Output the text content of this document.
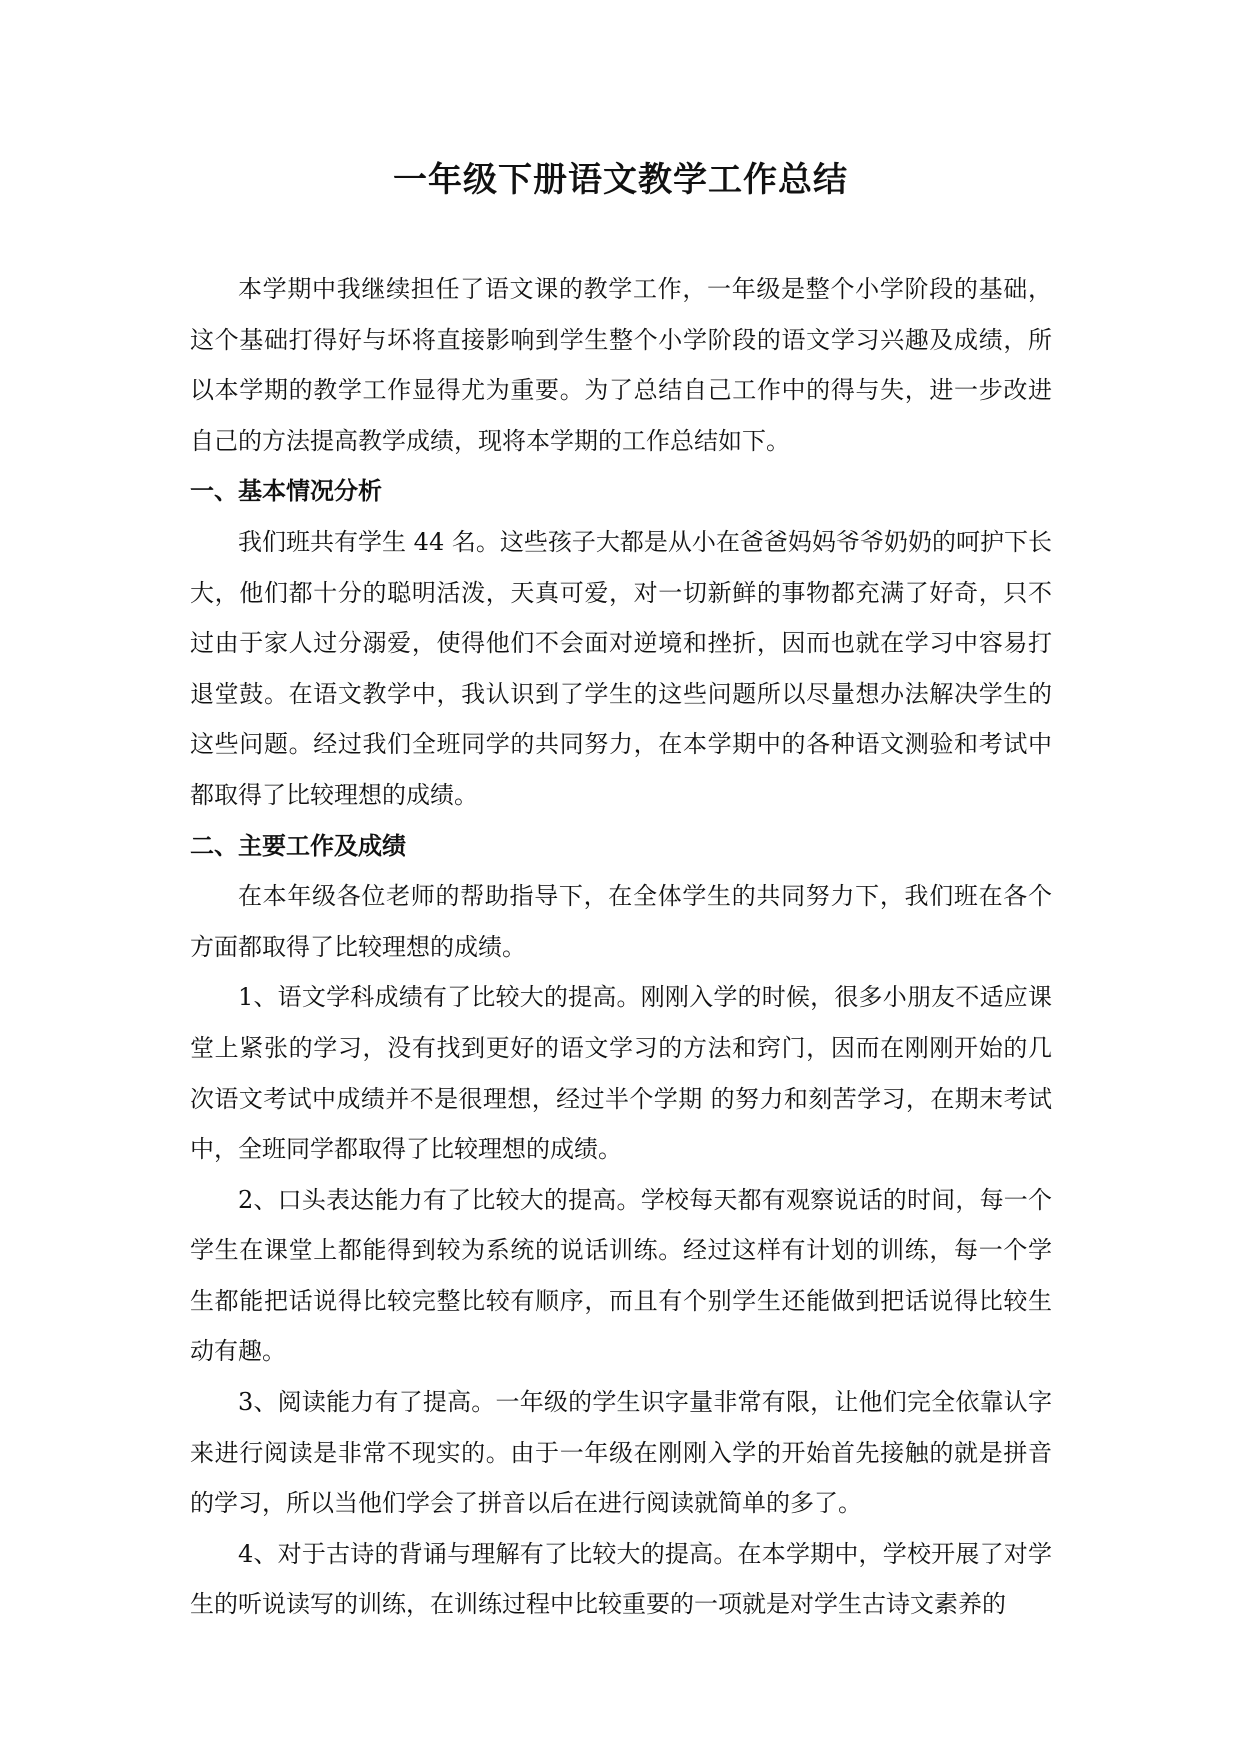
一年级下册语文教学工作总结

本学期中我继续担任了语文课的教学工作，一年级是整个小学阶段的基础，这个基础打得好与坏将直接影响到学生整个小学阶段的语文学习兴趣及成绩，所以本学期的教学工作显得尤为重要。为了总结自己工作中的得与失，进一步改进自己的方法提高教学成绩，现将本学期的工作总结如下。

一、基本情况分析

我们班共有学生 44 名。这些孩子大都是从小在爸爸妈妈爷爷奶奶的呵护下长大，他们都十分的聪明活泼，天真可爱，对一切新鲜的事物都充满了好奇，只不过由于家人过分溺爱，使得他们不会面对逆境和挫折，因而也就在学习中容易打退堂鼓。在语文教学中，我认识到了学生的这些问题所以尽量想办法解决学生的这些问题。经过我们全班同学的共同努力，在本学期中的各种语文测验和考试中都取得了比较理想的成绩。

二、主要工作及成绩

在本年级各位老师的帮助指导下，在全体学生的共同努力下，我们班在各个方面都取得了比较理想的成绩。

1、语文学科成绩有了比较大的提高。刚刚入学的时候，很多小朋友不适应课堂上紧张的学习，没有找到更好的语文学习的方法和窍门，因而在刚刚开始的几次语文考试中成绩并不是很理想，经过半个学期 的努力和刻苦学习，在期末考试中，全班同学都取得了比较理想的成绩。

2、口头表达能力有了比较大的提高。学校每天都有观察说话的时间，每一个学生在课堂上都能得到较为系统的说话训练。经过这样有计划的训练，每一个学生都能把话说得比较完整比较有顺序，而且有个别学生还能做到把话说得比较生动有趣。

3、阅读能力有了提高。一年级的学生识字量非常有限，让他们完全依靠认字来进行阅读是非常不现实的。由于一年级在刚刚入学的开始首先接触的就是拼音的学习，所以当他们学会了拼音以后在进行阅读就简单的多了。

4、对于古诗的背诵与理解有了比较大的提高。在本学期中，学校开展了对学生的听说读写的训练，在训练过程中比较重要的一项就是对学生古诗文素养的
